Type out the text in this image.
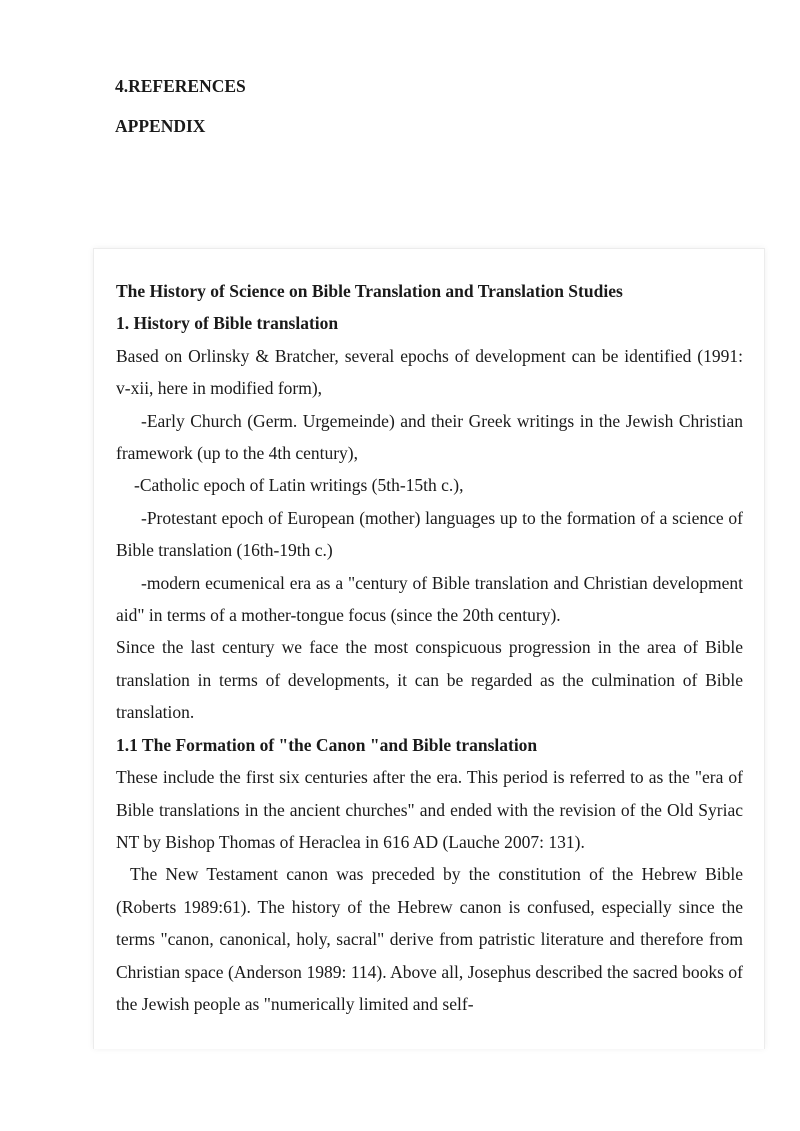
4.REFERENCES

APPENDIX

The History of Science on Bible Translation and Translation Studies

1. History of Bible translation

Based on Orlinsky & Bratcher, several epochs of development can be identified (1991: v-xii, here in modified form),

-Early Church (Germ. Urgemeinde) and their Greek writings in the Jewish Christian framework (up to the 4th century),

-Catholic epoch of Latin writings (5th-15th c.),

-Protestant epoch of European (mother) languages up to the formation of a science of Bible translation (16th-19th c.)

-modern ecumenical era as a "century of Bible translation and Christian development aid" in terms of a mother-tongue focus (since the 20th century).

Since the last century we face the most conspicuous progression in the area of Bible translation in terms of developments, it can be regarded as the culmination of Bible translation.

1.1 The Formation of "the Canon "and Bible translation

These include the first six centuries after the era. This period is referred to as the "era of Bible translations in the ancient churches" and ended with the revision of the Old Syriac NT by Bishop Thomas of Heraclea in 616 AD (Lauche 2007: 131).

The New Testament canon was preceded by the constitution of the Hebrew Bible (Roberts 1989:61). The history of the Hebrew canon is confused, especially since the terms "canon, canonical, holy, sacral" derive from patristic literature and therefore from Christian space (Anderson 1989: 114). Above all, Josephus described the sacred books of the Jewish people as "numerically limited and self-
